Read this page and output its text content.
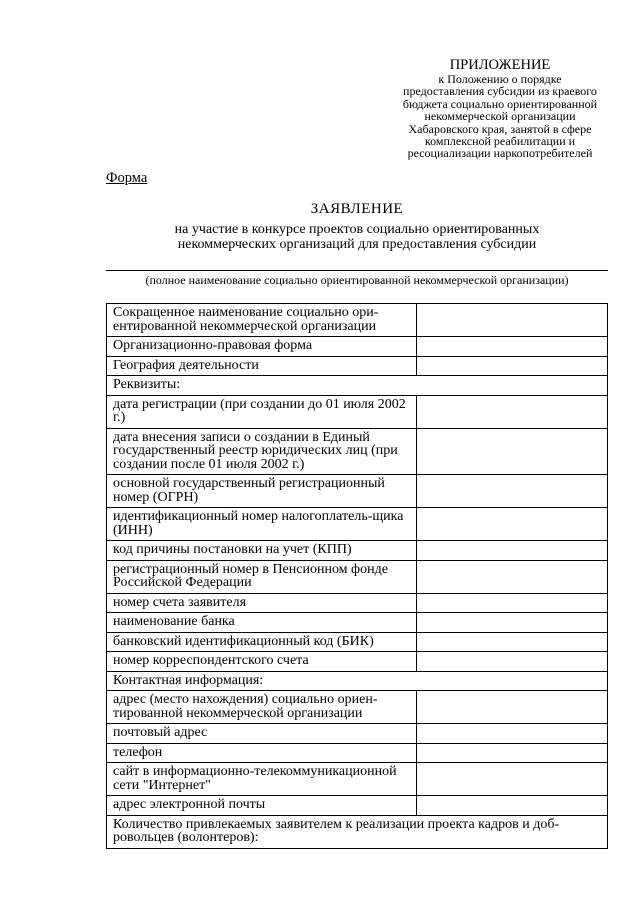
ПРИЛОЖЕНИЕ
к Положению о порядке
предоставления субсидии из краевого
бюджета социально ориентированной
некоммерческой организации
Хабаровского края, занятой в сфере
комплексной реабилитации и
ресоциализации наркопотребителей
Форма
ЗАЯВЛЕНИЕ
на участие в конкурсе проектов социально ориентированных
некоммерческих организаций для предоставления субсидии
(полное наименование социально ориентированной некоммерческой организации)
Сокращенное наименование социально ори-ентированной некоммерческой организации	
Организационно-правовая форма	
География деятельности	
Реквизиты:	
дата регистрации (при создании до 01 июля 2002 г.)	
дата внесения записи о создании в Единый государственный реестр юридических лиц (при создании после 01 июля 2002 г.)	
основной государственный регистрационный номер (ОГРН)	
идентификационный номер налогоплатель-щика (ИНН)	
код причины постановки на учет (КПП)	
регистрационный номер в Пенсионном фонде Российской Федерации	
номер счета заявителя	
наименование банка	
банковский идентификационный код (БИК)	
номер корреспондентского счета	
Контактная информация:	
адрес (место нахождения) социально ориен-тированной некоммерческой организации	
почтовый адрес	
телефон	
сайт в информационно-телекоммуникационной сети "Интернет"	
адрес электронной почты	
Количество привлекаемых заявителем к реализации проекта кадров и доб-ровольцев (волонтеров):	
